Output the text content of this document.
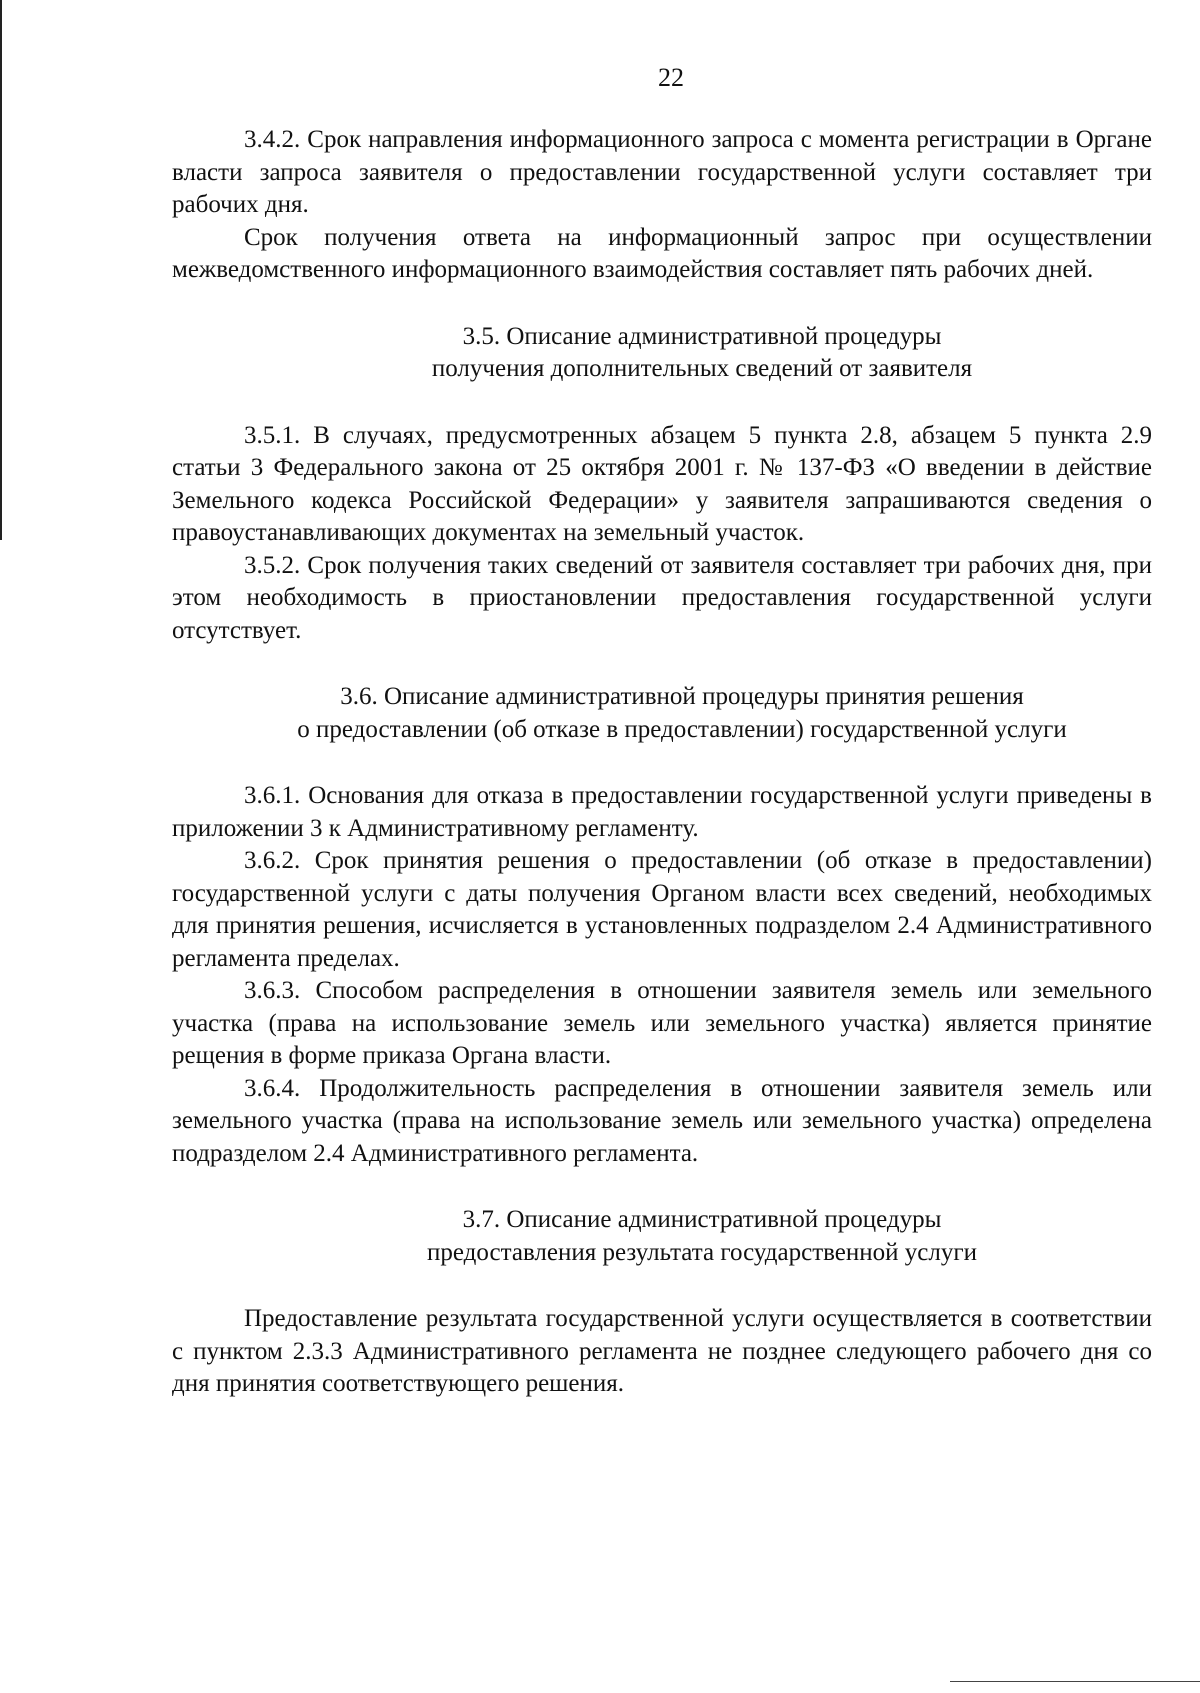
22

3.4.2. Срок направления информационного запроса с момента регистрации в Органе власти запроса заявителя о предоставлении государственной услуги составляет три рабочих дня.

Срок получения ответа на информационный запрос при осуществлении межведомственного информационного взаимодействия составляет пять рабочих дней.

3.5. Описание административной процедуры
получения дополнительных сведений от заявителя

3.5.1. В случаях, предусмотренных абзацем 5 пункта 2.8, абзацем 5 пункта 2.9 статьи 3 Федерального закона от 25 октября 2001 г. № 137-ФЗ «О введении в действие Земельного кодекса Российской Федерации» у заявителя запрашиваются сведения о правоустанавливающих документах на земельный участок.

3.5.2. Срок получения таких сведений от заявителя составляет три рабочих дня, при этом необходимость в приостановлении предоставления государственной услуги отсутствует.

3.6. Описание административной процедуры принятия решения
о предоставлении (об отказе в предоставлении) государственной услуги

3.6.1. Основания для отказа в предоставлении государственной услуги приведены в приложении 3 к Административному регламенту.

3.6.2. Срок принятия решения о предоставлении (об отказе в предоставлении) государственной услуги с даты получения Органом власти всех сведений, необходимых для принятия решения, исчисляется в установленных подразделом 2.4 Административного регламента пределах.

3.6.3. Способом распределения в отношении заявителя земель или земельного участка (права на использование земель или земельного участка) является принятие рещения в форме приказа Органа власти.

3.6.4. Продолжительность распределения в отношении заявителя земель или земельного участка (права на использование земель или земельного участка) определена подразделом 2.4 Административного регламента.

3.7. Описание административной процедуры
предоставления результата государственной услуги

Предоставление результата государственной услуги осуществляется в соответствии с пунктом 2.3.3 Административного регламента не позднее следующего рабочего дня со дня принятия соответствующего решения.
